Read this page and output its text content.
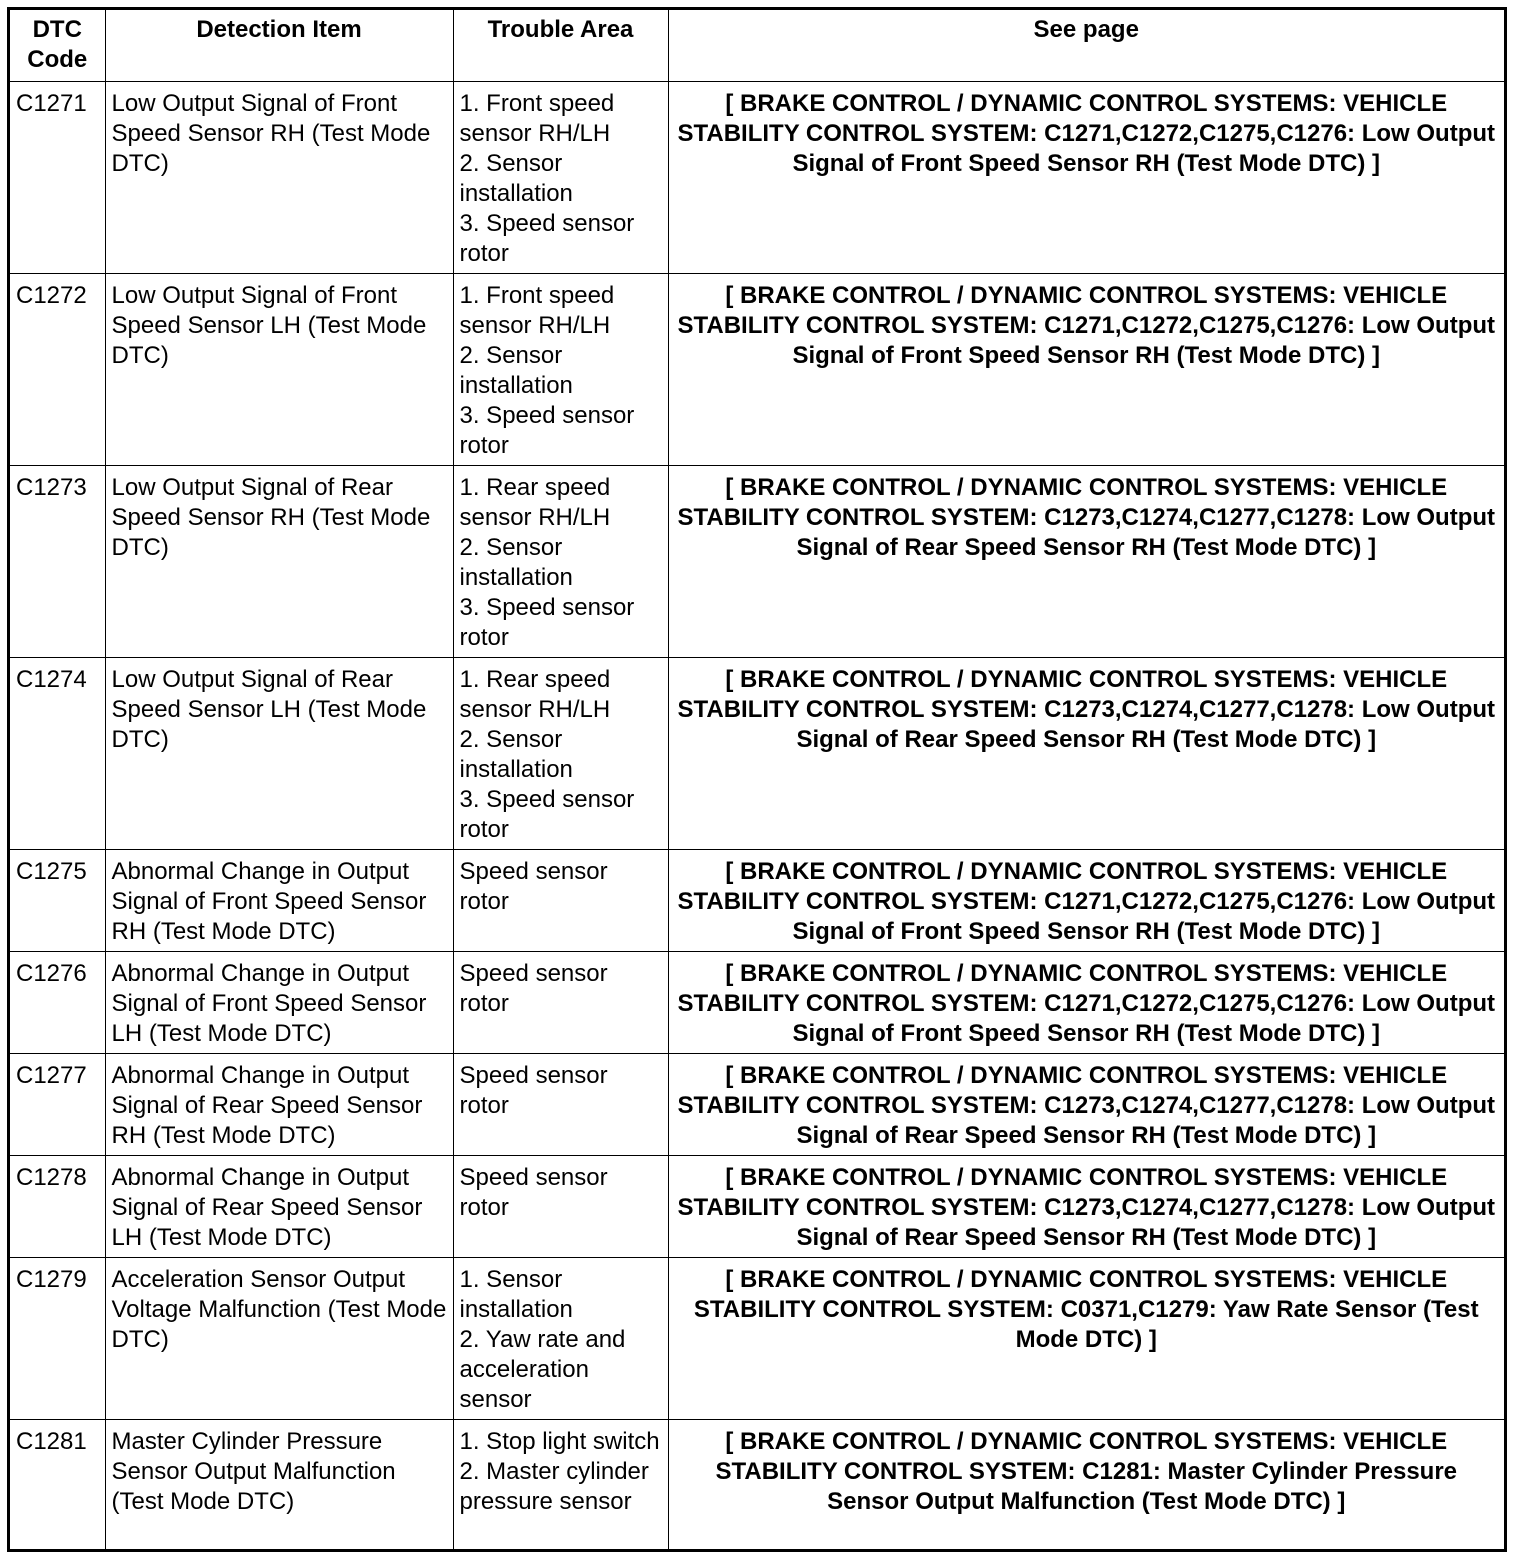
DTC Code	Detection Item	Trouble Area	See page
C1271	Low Output Signal of Front Speed Sensor RH (Test Mode DTC)	1. Front speed sensor RH/LH
2. Sensor installation
3. Speed sensor rotor	[ BRAKE CONTROL / DYNAMIC CONTROL SYSTEMS: VEHICLE STABILITY CONTROL SYSTEM: C1271,C1272,C1275,C1276: Low Output Signal of Front Speed Sensor RH (Test Mode DTC) ]
C1272	Low Output Signal of Front Speed Sensor LH (Test Mode DTC)	1. Front speed sensor RH/LH
2. Sensor installation
3. Speed sensor rotor	[ BRAKE CONTROL / DYNAMIC CONTROL SYSTEMS: VEHICLE STABILITY CONTROL SYSTEM: C1271,C1272,C1275,C1276: Low Output Signal of Front Speed Sensor RH (Test Mode DTC) ]
C1273	Low Output Signal of Rear Speed Sensor RH (Test Mode DTC)	1. Rear speed sensor RH/LH
2. Sensor installation
3. Speed sensor rotor	[ BRAKE CONTROL / DYNAMIC CONTROL SYSTEMS: VEHICLE STABILITY CONTROL SYSTEM: C1273,C1274,C1277,C1278: Low Output Signal of Rear Speed Sensor RH (Test Mode DTC) ]
C1274	Low Output Signal of Rear Speed Sensor LH (Test Mode DTC)	1. Rear speed sensor RH/LH
2. Sensor installation
3. Speed sensor rotor	[ BRAKE CONTROL / DYNAMIC CONTROL SYSTEMS: VEHICLE STABILITY CONTROL SYSTEM: C1273,C1274,C1277,C1278: Low Output Signal of Rear Speed Sensor RH (Test Mode DTC) ]
C1275	Abnormal Change in Output Signal of Front Speed Sensor RH (Test Mode DTC)	Speed sensor rotor	[ BRAKE CONTROL / DYNAMIC CONTROL SYSTEMS: VEHICLE STABILITY CONTROL SYSTEM: C1271,C1272,C1275,C1276: Low Output Signal of Front Speed Sensor RH (Test Mode DTC) ]
C1276	Abnormal Change in Output Signal of Front Speed Sensor LH (Test Mode DTC)	Speed sensor rotor	[ BRAKE CONTROL / DYNAMIC CONTROL SYSTEMS: VEHICLE STABILITY CONTROL SYSTEM: C1271,C1272,C1275,C1276: Low Output Signal of Front Speed Sensor RH (Test Mode DTC) ]
C1277	Abnormal Change in Output Signal of Rear Speed Sensor RH (Test Mode DTC)	Speed sensor rotor	[ BRAKE CONTROL / DYNAMIC CONTROL SYSTEMS: VEHICLE STABILITY CONTROL SYSTEM: C1273,C1274,C1277,C1278: Low Output Signal of Rear Speed Sensor RH (Test Mode DTC) ]
C1278	Abnormal Change in Output Signal of Rear Speed Sensor LH (Test Mode DTC)	Speed sensor rotor	[ BRAKE CONTROL / DYNAMIC CONTROL SYSTEMS: VEHICLE STABILITY CONTROL SYSTEM: C1273,C1274,C1277,C1278: Low Output Signal of Rear Speed Sensor RH (Test Mode DTC) ]
C1279	Acceleration Sensor Output Voltage Malfunction (Test Mode DTC)	1. Sensor installation
2. Yaw rate and acceleration sensor	[ BRAKE CONTROL / DYNAMIC CONTROL SYSTEMS: VEHICLE STABILITY CONTROL SYSTEM: C0371,C1279: Yaw Rate Sensor (Test Mode DTC) ]
C1281	Master Cylinder Pressure Sensor Output Malfunction (Test Mode DTC)	1. Stop light switch
2. Master cylinder pressure sensor	[ BRAKE CONTROL / DYNAMIC CONTROL SYSTEMS: VEHICLE STABILITY CONTROL SYSTEM: C1281: Master Cylinder Pressure Sensor Output Malfunction (Test Mode DTC) ]
